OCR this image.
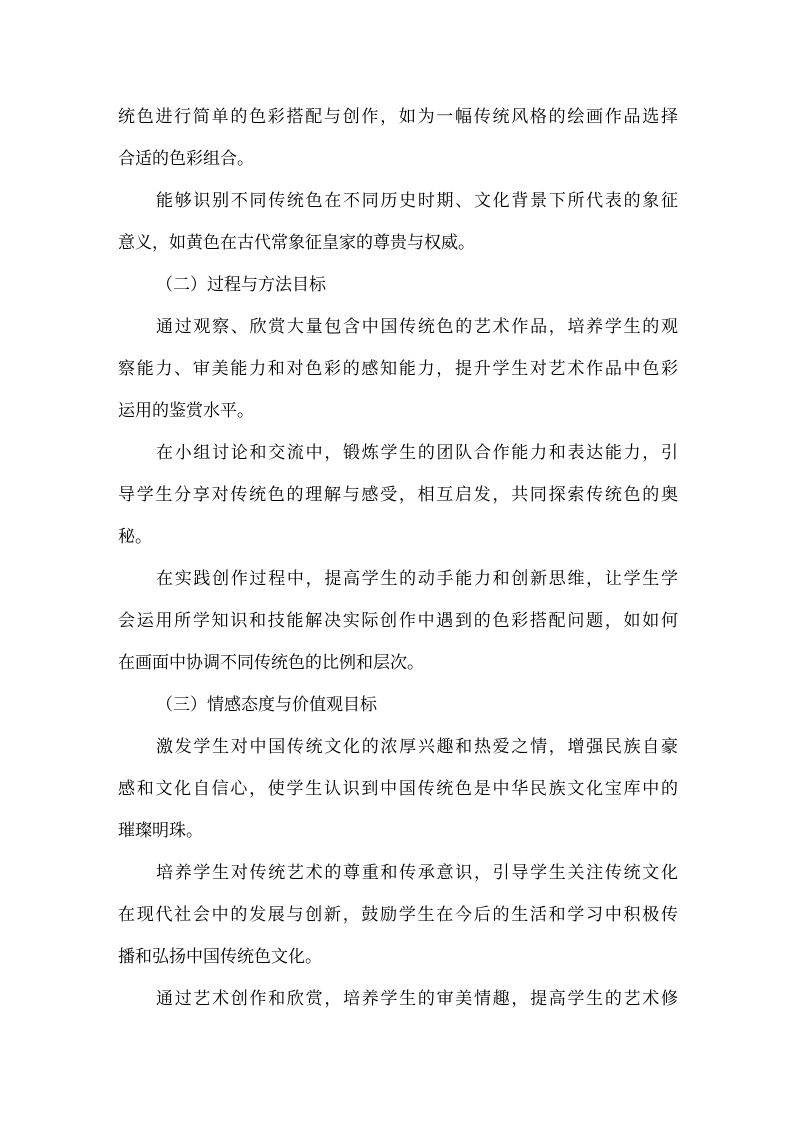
统色进行简单的色彩搭配与创作，如为一幅传统风格的绘画作品选择
合适的色彩组合。
能够识别不同传统色在不同历史时期、文化背景下所代表的象征
意义，如黄色在古代常象征皇家的尊贵与权威。
（二）过程与方法目标
通过观察、欣赏大量包含中国传统色的艺术作品，培养学生的观
察能力、审美能力和对色彩的感知能力，提升学生对艺术作品中色彩
运用的鉴赏水平。
在小组讨论和交流中，锻炼学生的团队合作能力和表达能力，引
导学生分享对传统色的理解与感受，相互启发，共同探索传统色的奥
秘。
在实践创作过程中，提高学生的动手能力和创新思维，让学生学
会运用所学知识和技能解决实际创作中遇到的色彩搭配问题，如如何
在画面中协调不同传统色的比例和层次。
（三）情感态度与价值观目标
激发学生对中国传统文化的浓厚兴趣和热爱之情，增强民族自豪
感和文化自信心，使学生认识到中国传统色是中华民族文化宝库中的
璀璨明珠。
培养学生对传统艺术的尊重和传承意识，引导学生关注传统文化
在现代社会中的发展与创新，鼓励学生在今后的生活和学习中积极传
播和弘扬中国传统色文化。
通过艺术创作和欣赏，培养学生的审美情趣，提高学生的艺术修
